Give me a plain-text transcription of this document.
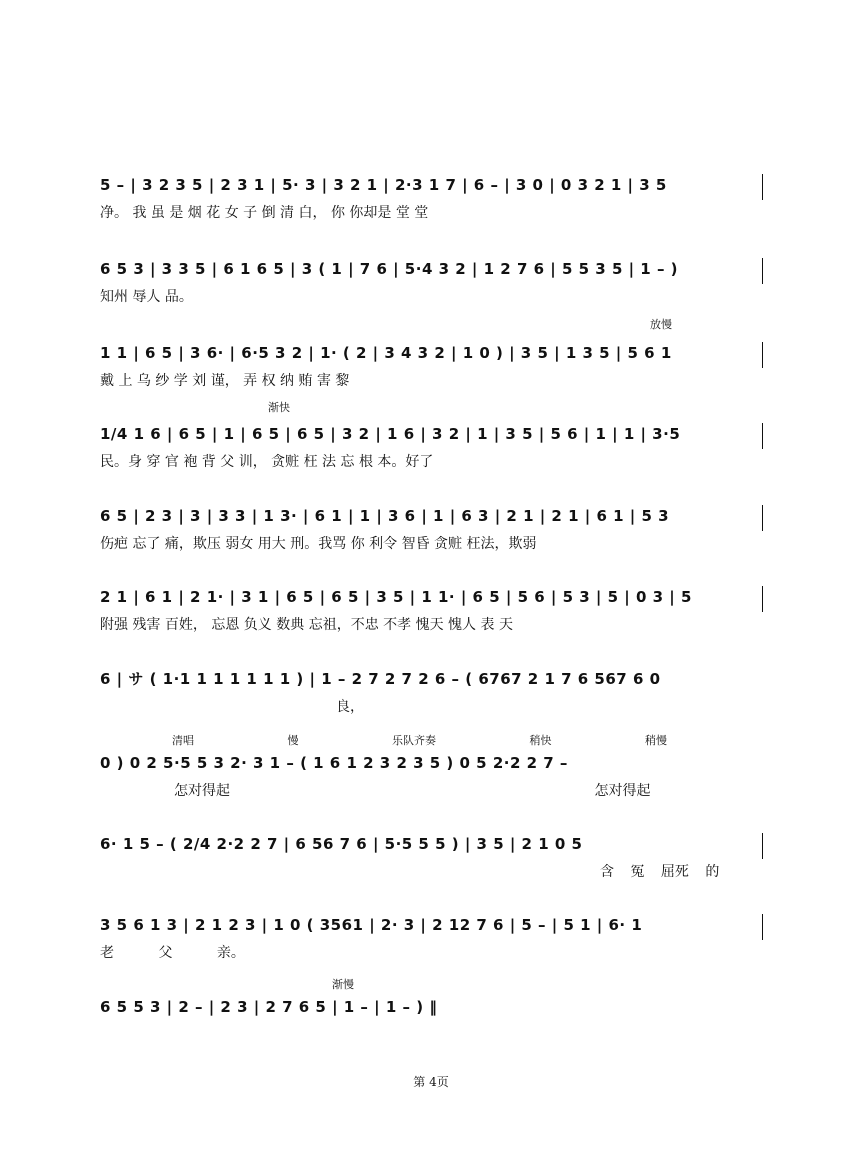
5 – | 3 2 3 5 | 2 3 1 | 5· 3 | 3 2 1 | 2·3 1 7 | 6 – | 3 0 | 0 3 2 1 | 3 5
净。 我 虽 是 烟 花 女 子 倒 清 白， 你 你却是 堂 堂
6 5 3 | 3 3 5 | 6 1 6 5 | 3 ( 1 | 7 6 | 5·4 3 2 | 1 2 7 6 | 5 5 3 5 | 1 – )
知州 辱人 品。
放慢
1 1 | 6 5 | 3 6· | 6·5 3 2 | 1· ( 2 | 3 4 3 2 | 1 0 ) | 3 5 | 1 3 5 | 5 6 1
戴 上 乌 纱 学 刘 谨， 弄 权 纳 贿 害 黎
渐快
1/4 1 6 | 6 5 | 1 | 6 5 | 6 5 | 3 2 | 1 6 | 3 2 | 1 | 3 5 | 5 6 | 1 | 1 | 3·5
民。身 穿 官 袍 背 父 训， 贪赃 枉 法 忘 根 本。好了
6 5 | 2 3 | 3 | 3 3 | 1 3· | 6 1 | 1 | 3 6 | 1 | 6 3 | 2 1 | 2 1 | 6 1 | 5 3
伤疤 忘了 痛，欺压 弱女 用大 刑。我骂 你 利令 智昏 贪赃 枉法，欺弱
2 1 | 6 1 | 2 1· | 3 1 | 6 5 | 6 5 | 3 5 | 1 1· | 6 5 | 5 6 | 5 3 | 5 | 0 3 | 5
附强 残害 百姓， 忘恩 负义 数典 忘祖，不忠 不孝 愧天 愧人 表 天
6 | サ ( 1·1 1 1 1 1 1 1 ) | 1 – 2 7 2 7 2 6 – ( 6767 2 1 7 6 567 6 0
良，
清唱 慢 乐队齐奏 稍快 稍慢
0 ) 0 2 5·5 5 3 2· 3 1 – ( 1 6 1 2 3 2 3 5 ) 0 5 2·2 2 7 –
怎对得起 怎对得起
6· 1 5 – ( 2/4 2·2 2 7 | 6 56 7 6 | 5·5 5 5 ) | 3 5 | 2 1 0 5
含 冤 屈死 的
3 5 6 1 3 | 2 1 2 3 | 1 0 ( 3561 | 2· 3 | 2 12 7 6 | 5 – | 5 1 | 6· 1
老 父 亲。
渐慢
6 5 5 3 | 2 – | 2 3 | 2 7 6 5 | 1 – | 1 – ) ‖
第 4页
